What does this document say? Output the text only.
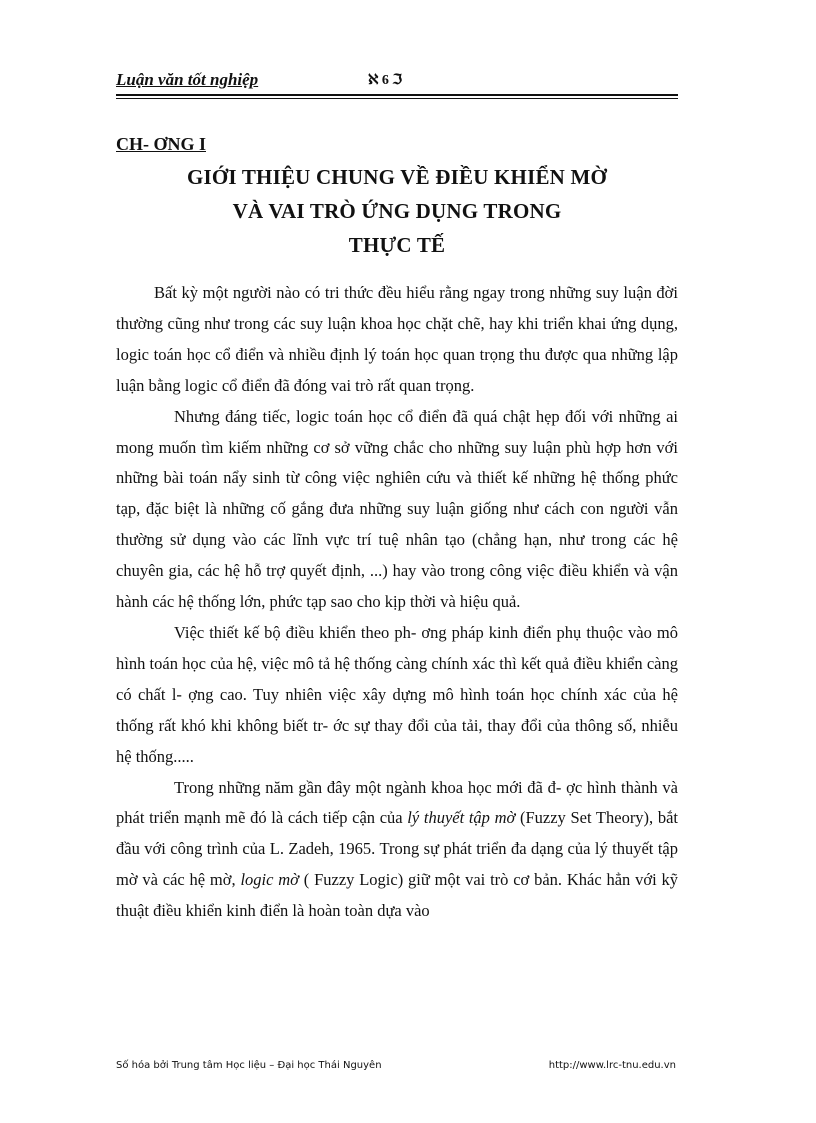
Luận văn tốt nghiệp	ℵ 6 ℑ
CH- ƠNG I
GIỚI THIỆU CHUNG VỀ ĐIỀU KHIỂN MỜ
VÀ VAI TRÒ ỨNG DỤNG TRONG
THỰC TẾ

Bất kỳ một người nào có tri thức đều hiểu rằng ngay trong những suy luận đời thường cũng như trong các suy luận khoa học chặt chẽ, hay khi triển khai ứng dụng, logic toán học cổ điển và nhiều định lý toán học quan trọng thu được qua những lập luận bằng logic cổ điển đã đóng vai trò rất quan trọng.

Nhưng đáng tiếc, logic toán học cổ điển đã quá chật hẹp đối với những ai mong muốn tìm kiếm những cơ sở vững chắc cho những suy luận phù hợp hơn với những bài toán nẩy sinh từ công việc nghiên cứu và thiết kế những hệ thống phức tạp, đặc biệt là những cố gắng đưa những suy luận giống như cách con người vẫn thường sử dụng vào các lĩnh vực trí tuệ nhân tạo (chẳng hạn, như trong các hệ chuyên gia, các hệ hỗ trợ quyết định, ...) hay vào trong công việc điều khiển và vận hành các hệ thống lớn, phức tạp sao cho kịp thời và hiệu quả.

Việc thiết kế bộ điều khiển theo ph- ơng pháp kinh điển phụ thuộc vào mô hình toán học của hệ, việc mô tả hệ thống càng chính xác thì kết quả điều khiển càng có chất l- ợng cao. Tuy nhiên việc xây dựng mô hình toán học chính xác của hệ thống rất khó khi không biết tr- ớc sự thay đổi của tải, thay đổi của thông số, nhiễu hệ thống.....

Trong những năm gần đây một ngành khoa học mới đã đ- ợc hình thành và phát triển mạnh mẽ đó là cách tiếp cận của lý thuyết tập mờ (Fuzzy Set Theory), bắt đầu với công trình của L. Zadeh, 1965. Trong sự phát triển đa dạng của lý thuyết tập mờ và các hệ mờ, logic mờ ( Fuzzy Logic) giữ một vai trò cơ bản. Khác hẳn với kỹ thuật điều khiển kinh điển là hoàn toàn dựa vào

Số hóa bởi Trung tâm Học liệu – Đại học Thái Nguyên	http://www.lrc-tnu.edu.vn
